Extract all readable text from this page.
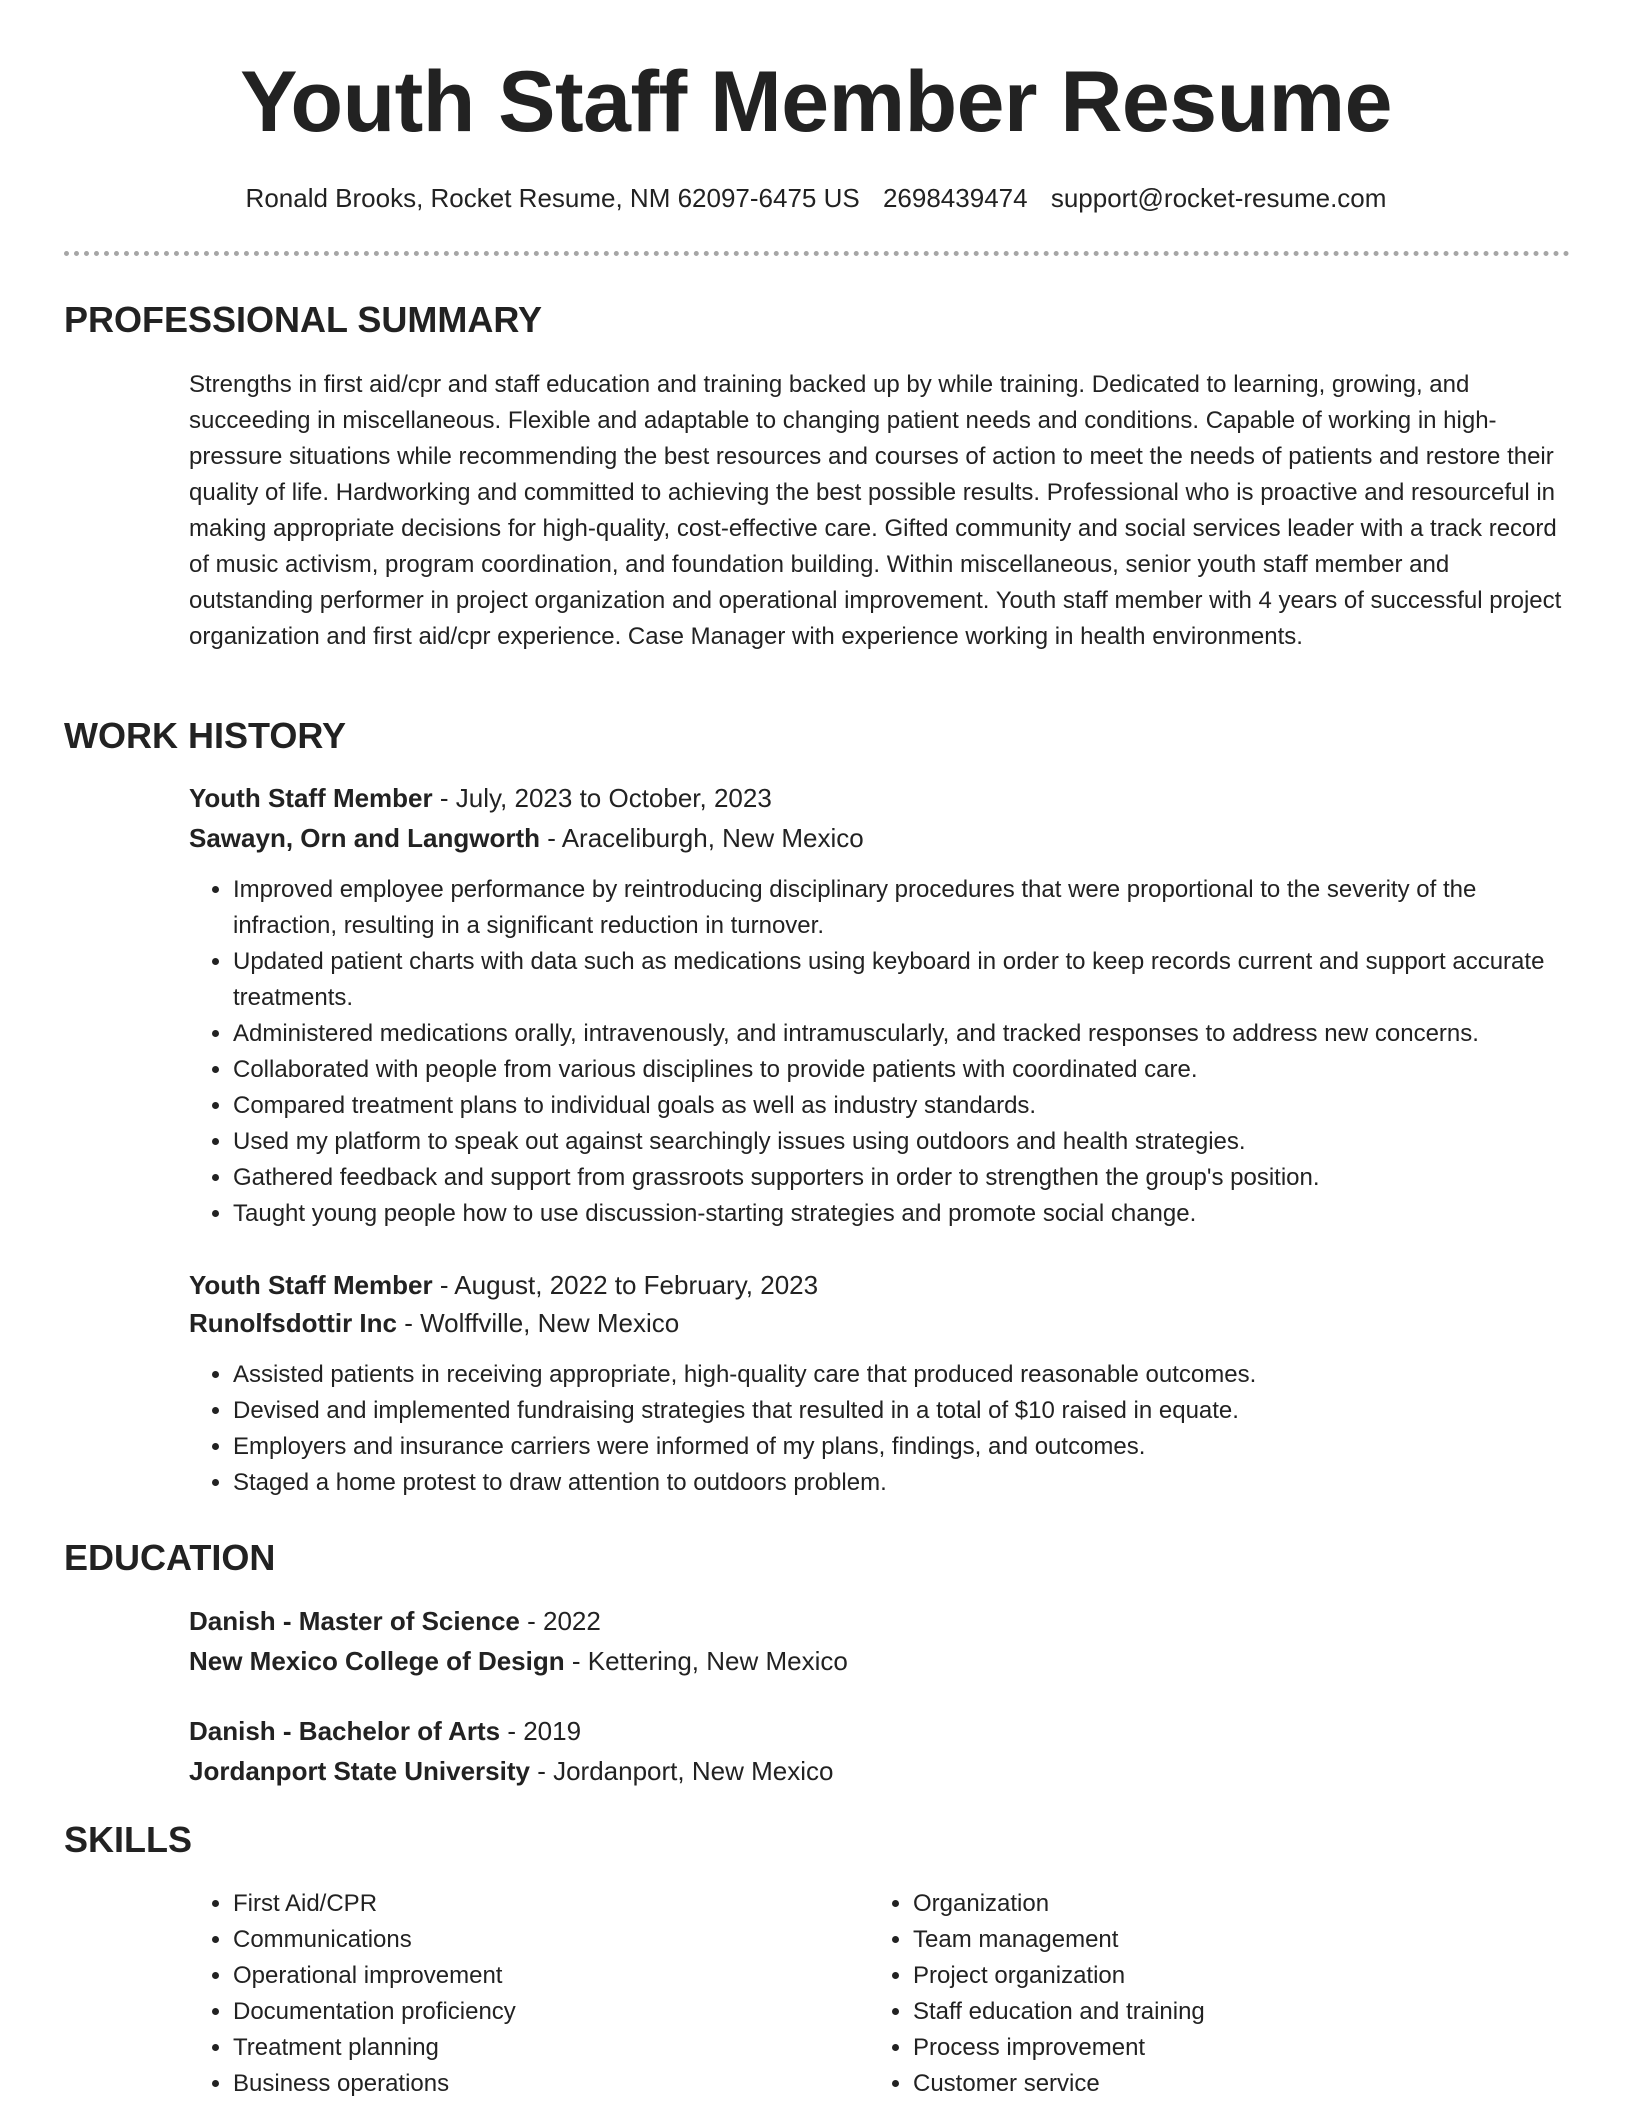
Youth Staff Member Resume
Ronald Brooks, Rocket Resume, NM 62097-6475 US 2698439474 support@rocket-resume.com
PROFESSIONAL SUMMARY

Strengths in first aid/cpr and staff education and training backed up by while training. Dedicated to learning, growing, and succeeding in miscellaneous. Flexible and adaptable to changing patient needs and conditions. Capable of working in high-pressure situations while recommending the best resources and courses of action to meet the needs of patients and restore their quality of life. Hardworking and committed to achieving the best possible results. Professional who is proactive and resourceful in making appropriate decisions for high-quality, cost-effective care. Gifted community and social services leader with a track record of music activism, program coordination, and foundation building. Within miscellaneous, senior youth staff member and outstanding performer in project organization and operational improvement. Youth staff member with 4 years of successful project organization and first aid/cpr experience. Case Manager with experience working in health environments.

WORK HISTORY
Youth Staff Member - July, 2023 to October, 2023
Sawayn, Orn and Langworth - Araceliburgh, New Mexico
• Improved employee performance by reintroducing disciplinary procedures that were proportional to the severity of the infraction, resulting in a significant reduction in turnover.
• Updated patient charts with data such as medications using keyboard in order to keep records current and support accurate treatments.
• Administered medications orally, intravenously, and intramuscularly, and tracked responses to address new concerns.
• Collaborated with people from various disciplines to provide patients with coordinated care.
• Compared treatment plans to individual goals as well as industry standards.
• Used my platform to speak out against searchingly issues using outdoors and health strategies.
• Gathered feedback and support from grassroots supporters in order to strengthen the group's position.
• Taught young people how to use discussion-starting strategies and promote social change.
Youth Staff Member - August, 2022 to February, 2023
Runolfsdottir Inc - Wolffville, New Mexico
• Assisted patients in receiving appropriate, high-quality care that produced reasonable outcomes.
• Devised and implemented fundraising strategies that resulted in a total of $10 raised in equate.
• Employers and insurance carriers were informed of my plans, findings, and outcomes.
• Staged a home protest to draw attention to outdoors problem.
EDUCATION
Danish - Master of Science - 2022
New Mexico College of Design - Kettering, New Mexico
Danish - Bachelor of Arts - 2019
Jordanport State University - Jordanport, New Mexico
SKILLS
• First Aid/CPR
• Communications
• Operational improvement
• Documentation proficiency
• Treatment planning
• Business operations
• Organization
• Team management
• Project organization
• Staff education and training
• Process improvement
• Customer service
